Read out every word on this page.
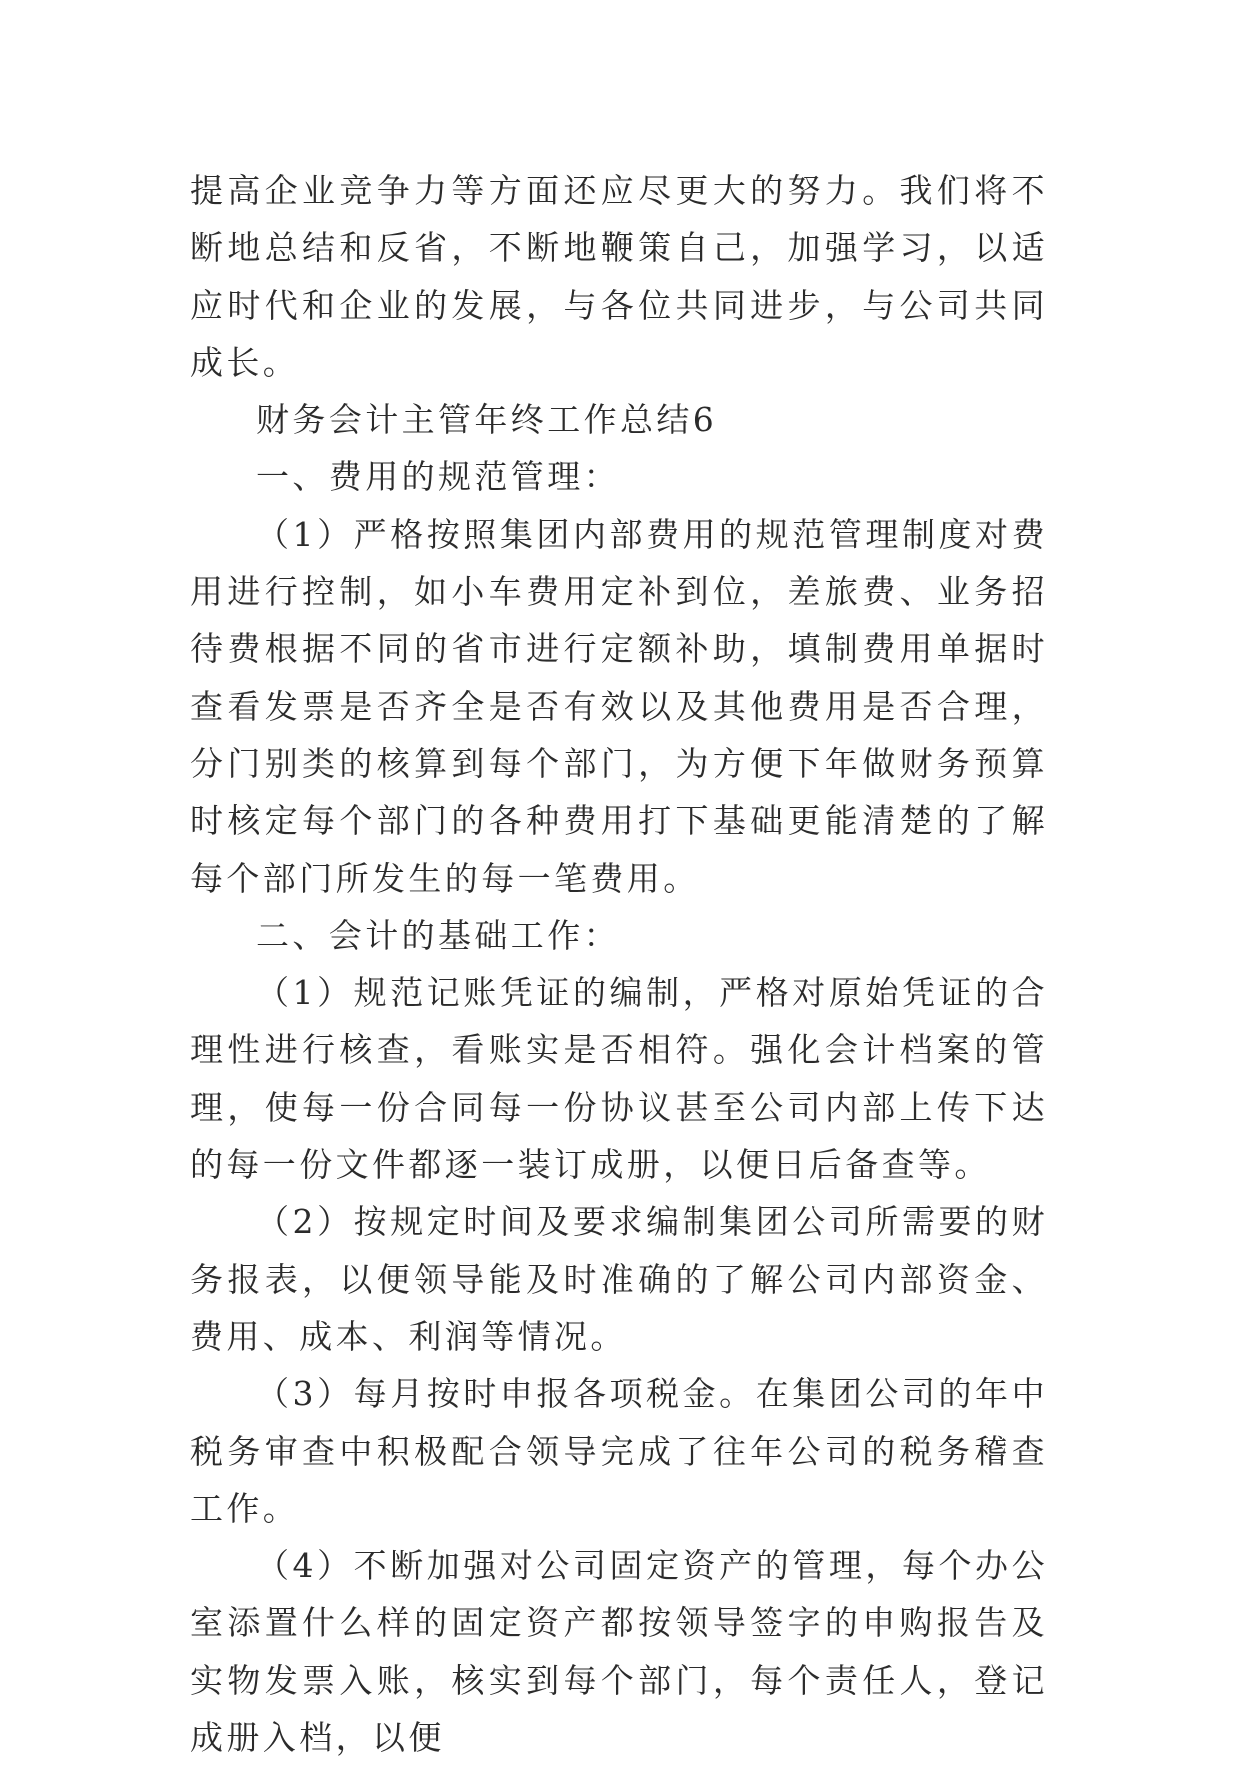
提高企业竞争力等方面还应尽更大的努力。我们将不断地总结和反省，不断地鞭策自己，加强学习，以适应时代和企业的发展，与各位共同进步，与公司共同成长。

财务会计主管年终工作总结6

一、费用的规范管理：

（1）严格按照集团内部费用的规范管理制度对费用进行控制，如小车费用定补到位，差旅费、业务招待费根据不同的省市进行定额补助，填制费用单据时查看发票是否齐全是否有效以及其他费用是否合理，分门别类的核算到每个部门，为方便下年做财务预算时核定每个部门的各种费用打下基础更能清楚的了解每个部门所发生的每一笔费用。

二、会计的基础工作：

（1）规范记账凭证的编制，严格对原始凭证的合理性进行核查，看账实是否相符。强化会计档案的管理，使每一份合同每一份协议甚至公司内部上传下达的每一份文件都逐一装订成册，以便日后备查等。

（2）按规定时间及要求编制集团公司所需要的财务报表，以便领导能及时准确的了解公司内部资金、费用、成本、利润等情况。

（3）每月按时申报各项税金。在集团公司的年中税务审查中积极配合领导完成了往年公司的税务稽查工作。

（4）不断加强对公司固定资产的管理，每个办公室添置什么样的固定资产都按领导签字的申购报告及实物发票入账，核实到每个部门，每个责任人，登记成册入档，以便
